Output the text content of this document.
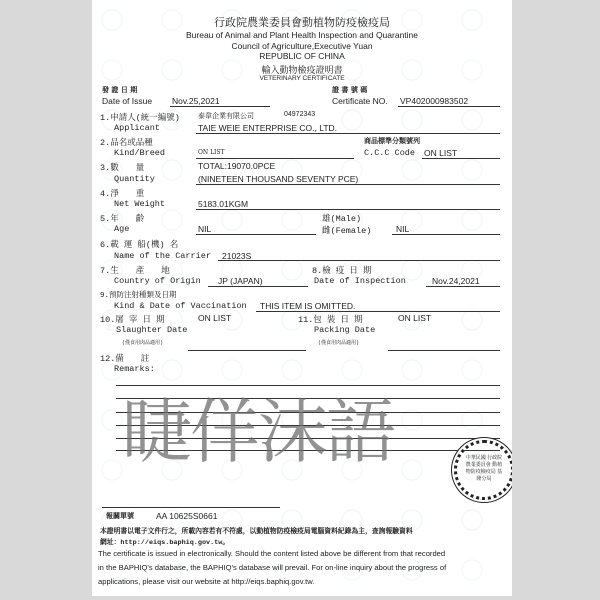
行政院農業委員會動植物防疫檢疫局
Bureau of Animal and Plant Health Inspection and Quarantine
Council of Agriculture,Executive Yuan
REPUBLIC OF CHINA
輸入動物檢疫證明書
VETERINARY CERTIFICATE
發 證 日 期
Date of Issue Nov.25,2021
證 書 號 碼
Certificate NO. VP402000983502
1.申請人(統一編號)	泰韋企業有限公司	04972343
Applicant	TAIE WEIE ENTERPRISE CO., LTD.
2.品名或品種
Kind/Breed	ON LIST
商品標準分類號列
C.C.C Code ON LIST
3.數　　量	TOTAL:19070.0PCE
Quantity	(NINETEEN THOUSAND SEVENTY PCE)
4.淨　　重
Net Weight	5183.01KGM
5.年　　齡
Age	NIL
雄(Male)
雌(Female)	NIL
6.載 運 船(機) 名
Name of the Carrier 21023S
7.生　　產　　地
Country of Origin JP (JAPAN)
8.檢 疫 日 期
Date of Inspection	Nov.24,2021
9.預防注射種類及日期
Kind & Date of Vaccination THIS ITEM IS OMITTED.
10.屠 宰 日 期	ON LIST
Slaughter Date
(僅食用肉品適用)
11.包 裝 日 期	ON LIST
Packing Date
(僅食用肉品適用)
12.備　　註
Remarks:
睫佯沫語	中華民國 行政院農業委員會 動植物防疫檢疫局 基隆分局
報關單號	AA 10625S0661
本證明書以電子文件行之，所載內容若有不符處，以動植物防疫檢疫局電腦資料紀錄為主，查詢報驗資料
網址：http://eiqs.baphiq.gov.tw。
The certificate is issued in electronically. Should the content listed above be different from that recorded
in the BAPHIQ's database, the BAPHIQ's database will prevail. For on-line inquiry about the progress of
applications, please visit our website at http://eiqs.baphiq.gov.tw.
